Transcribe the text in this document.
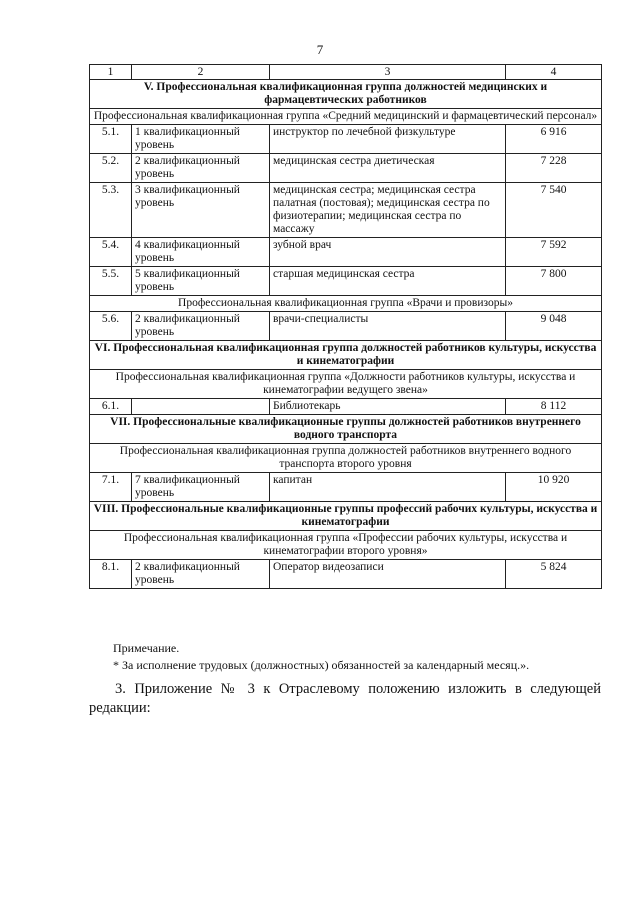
7
1	2	3	4
V. Профессиональная квалификационная группа должностей медицинских и фармацевтических работников			
Профессиональная квалификационная группа «Средний медицинский и фармацевтический персонал»			
5.1.	1 квалификационный уровень	инструктор по лечебной физкультуре	6 916
5.2.	2 квалификационный уровень	медицинская сестра диетическая	7 228
5.3.	3 квалификационный уровень	медицинская сестра; медицинская сестра палатная (постовая); медицинская сестра по физиотерапии; медицинская сестра по массажу	7 540
5.4.	4 квалификационный уровень	зубной врач	7 592
5.5.	5 квалификационный уровень	старшая медицинская сестра	7 800
Профессиональная квалификационная группа «Врачи и провизоры»			
5.6.	2 квалификационный уровень	врачи-специалисты	9 048
VI. Профессиональная квалификационная группа должностей работников культуры, искусства и кинематографии			
Профессиональная квалификационная группа «Должности работников культуры, искусства и кинематографии ведущего звена»			
6.1.		Библиотекарь	8 112
VII. Профессиональные квалификационные группы должностей работников внутреннего водного транспорта			
Профессиональная квалификационная группа должностей работников внутреннего водного транспорта второго уровня			
7.1.	7 квалификационный уровень	капитан	10 920
VIII. Профессиональные квалификационные группы профессий рабочих культуры, искусства и кинематографии			
Профессиональная квалификационная группа «Профессии рабочих культуры, искусства и кинематографии второго уровня»			
8.1.	2 квалификационный уровень	Оператор видеозаписи	5 824
Примечание.
* За исполнение трудовых (должностных) обязанностей за календарный месяц.».
3. Приложение № 3 к Отраслевому положению изложить в следующей редакции:
